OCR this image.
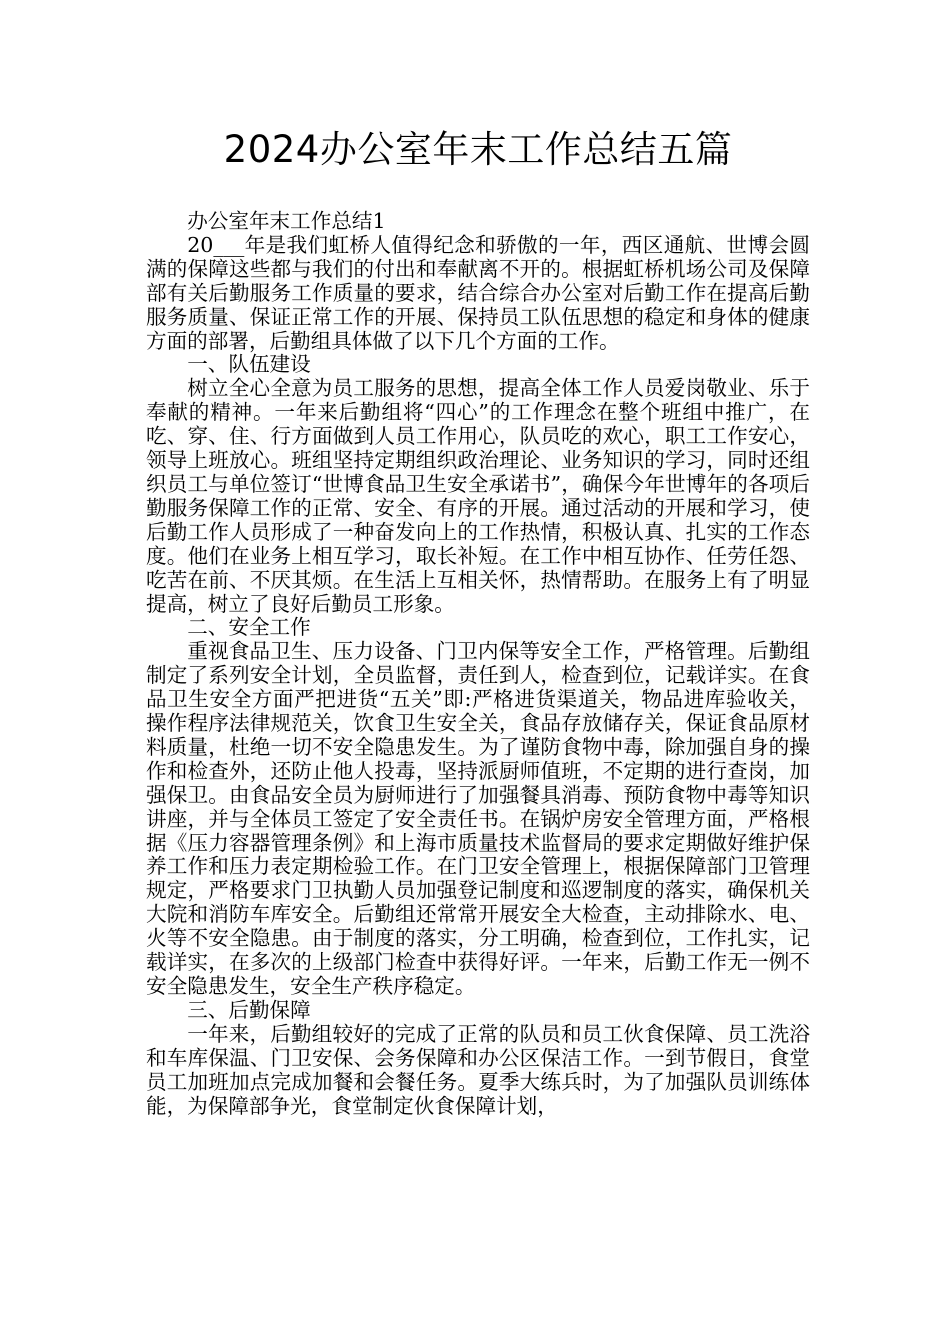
2024办公室年末工作总结五篇

办公室年末工作总结1

20___年是我们虹桥人值得纪念和骄傲的一年，西区通航、世博会圆满的保障这些都与我们的付出和奉献离不开的。根据虹桥机场公司及保障部有关后勤服务工作质量的要求，结合综合办公室对后勤工作在提高后勤服务质量、保证正常工作的开展、保持员工队伍思想的稳定和身体的健康方面的部署，后勤组具体做了以下几个方面的工作。

一、队伍建设

树立全心全意为员工服务的思想，提高全体工作人员爱岗敬业、乐于奉献的精神。一年来后勤组将“四心”的工作理念在整个班组中推广，在吃、穿、住、行方面做到人员工作用心，队员吃的欢心，职工工作安心，领导上班放心。班组坚持定期组织政治理论、业务知识的学习，同时还组织员工与单位签订“世博食品卫生安全承诺书”，确保今年世博年的各项后勤服务保障工作的正常、安全、有序的开展。通过活动的开展和学习，使后勤工作人员形成了一种奋发向上的工作热情，积极认真、扎实的工作态度。他们在业务上相互学习，取长补短。在工作中相互协作、任劳任怨、吃苦在前、不厌其烦。在生活上互相关怀，热情帮助。在服务上有了明显提高，树立了良好后勤员工形象。

二、安全工作

重视食品卫生、压力设备、门卫内保等安全工作，严格管理。后勤组制定了系列安全计划，全员监督，责任到人，检查到位，记载详实。在食品卫生安全方面严把进货“五关”即:严格进货渠道关，物品进库验收关，操作程序法律规范关，饮食卫生安全关，食品存放储存关，保证食品原材料质量，杜绝一切不安全隐患发生。为了谨防食物中毒，除加强自身的操作和检查外，还防止他人投毒，坚持派厨师值班，不定期的进行查岗，加强保卫。由食品安全员为厨师进行了加强餐具消毒、预防食物中毒等知识讲座，并与全体员工签定了安全责任书。在锅炉房安全管理方面，严格根据《压力容器管理条例》和上海市质量技术监督局的要求定期做好维护保养工作和压力表定期检验工作。在门卫安全管理上，根据保障部门卫管理规定，严格要求门卫执勤人员加强登记制度和巡逻制度的落实，确保机关大院和消防车库安全。后勤组还常常开展安全大检查，主动排除水、电、火等不安全隐患。由于制度的落实，分工明确，检查到位，工作扎实，记载详实，在多次的上级部门检查中获得好评。一年来，后勤工作无一例不安全隐患发生，安全生产秩序稳定。

三、后勤保障

一年来，后勤组较好的完成了正常的队员和员工伙食保障、员工洗浴和车库保温、门卫安保、会务保障和办公区保洁工作。一到节假日，食堂员工加班加点完成加餐和会餐任务。夏季大练兵时，为了加强队员训练体能，为保障部争光，食堂制定伙食保障计划，
